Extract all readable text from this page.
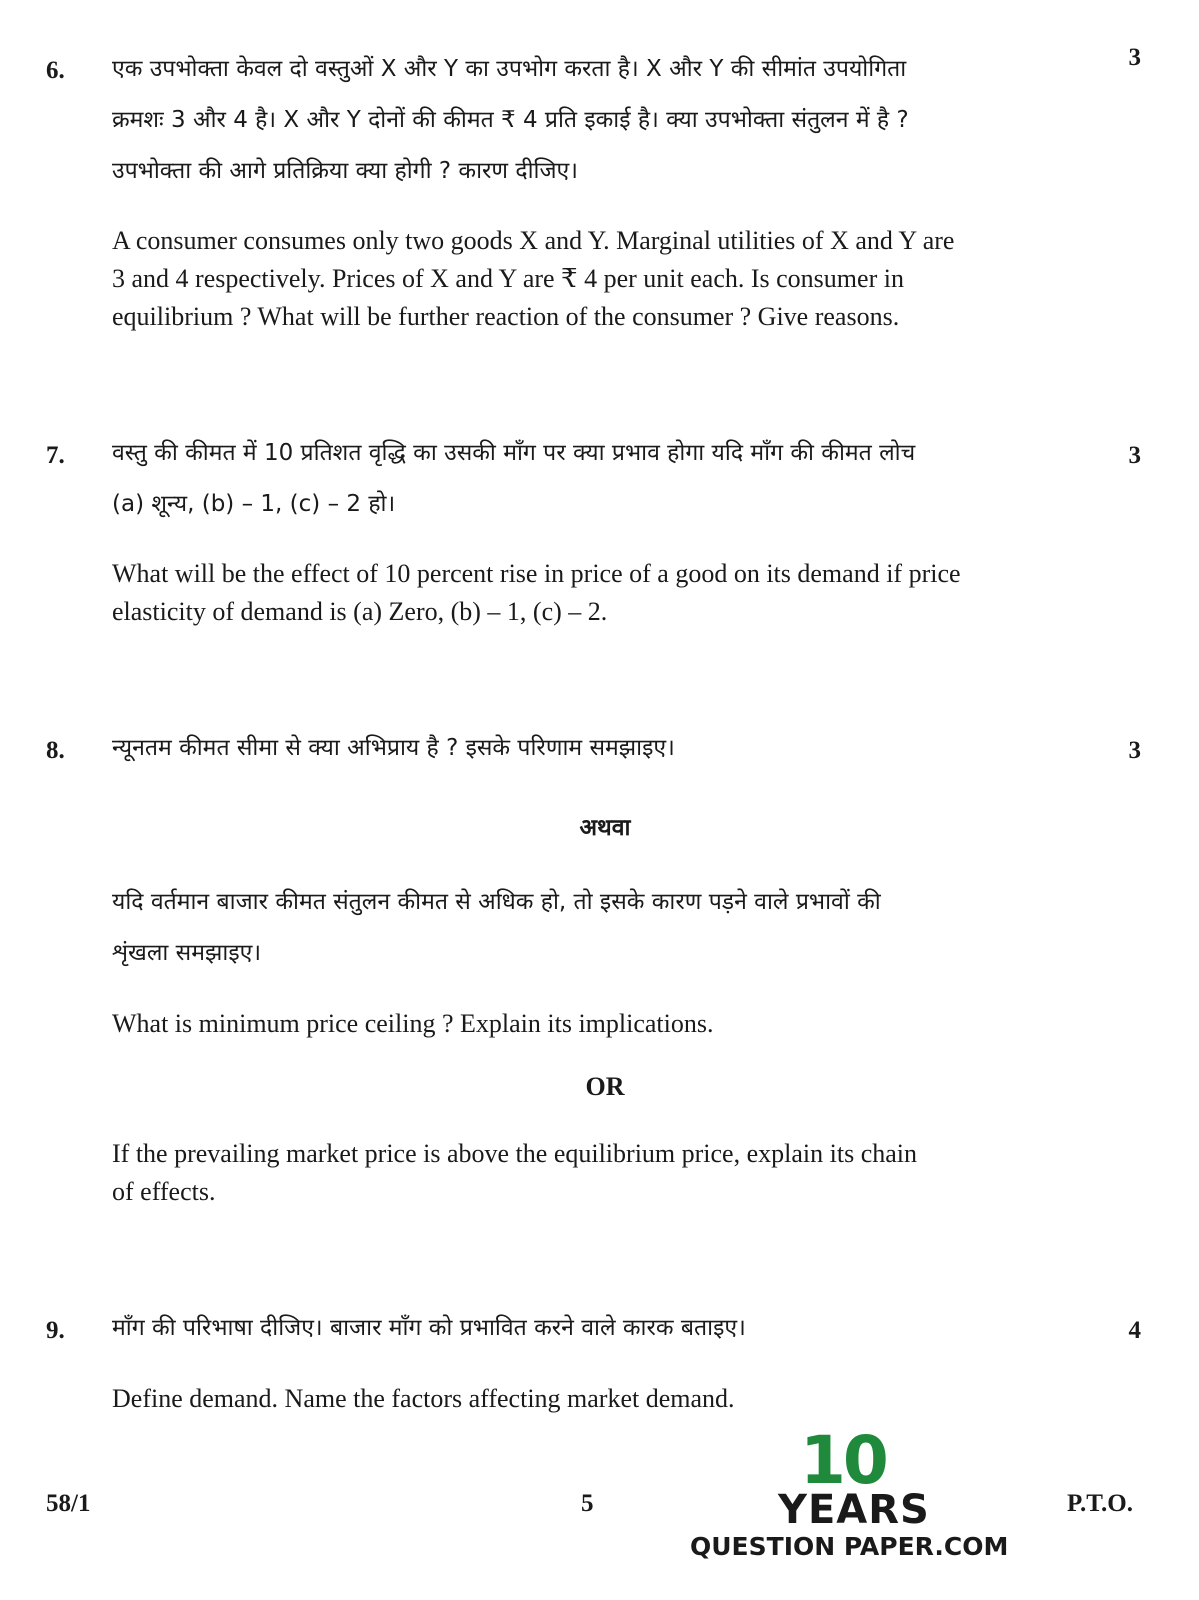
6.	3
एक उपभोक्ता केवल दो वस्तुओं X और Y का उपभोग करता है। X और Y की सीमांत उपयोगिता
क्रमशः 3 और 4 है। X और Y दोनों की कीमत ₹ 4 प्रति इकाई है। क्या उपभोक्ता संतुलन में है ?
उपभोक्ता की आगे प्रतिक्रिया क्या होगी ? कारण दीजिए।
A consumer consumes only two goods X and Y. Marginal utilities of X and Y are
3 and 4 respectively. Prices of X and Y are ₹ 4 per unit each. Is consumer in
equilibrium ? What will be further reaction of the consumer ? Give reasons.
7.	3
वस्तु की कीमत में 10 प्रतिशत वृद्धि का उसकी माँग पर क्या प्रभाव होगा यदि माँग की कीमत लोच
(a) शून्य, (b) – 1, (c) – 2 हो।
What will be the effect of 10 percent rise in price of a good on its demand if price
elasticity of demand is (a) Zero, (b) – 1, (c) – 2.
8.	3
न्यूनतम कीमत सीमा से क्या अभिप्राय है ? इसके परिणाम समझाइए।
अथवा
यदि वर्तमान बाजार कीमत संतुलन कीमत से अधिक हो, तो इसके कारण पड़ने वाले प्रभावों की
शृंखला समझाइए।
What is minimum price ceiling ? Explain its implications.
OR
If the prevailing market price is above the equilibrium price, explain its chain
of effects.
9.	4
माँग की परिभाषा दीजिए। बाजार माँग को प्रभावित करने वाले कारक बताइए।
Define demand. Name the factors affecting market demand.
58/1	5	P.T.O.
10
YEARS
QUESTION PAPER.COM
